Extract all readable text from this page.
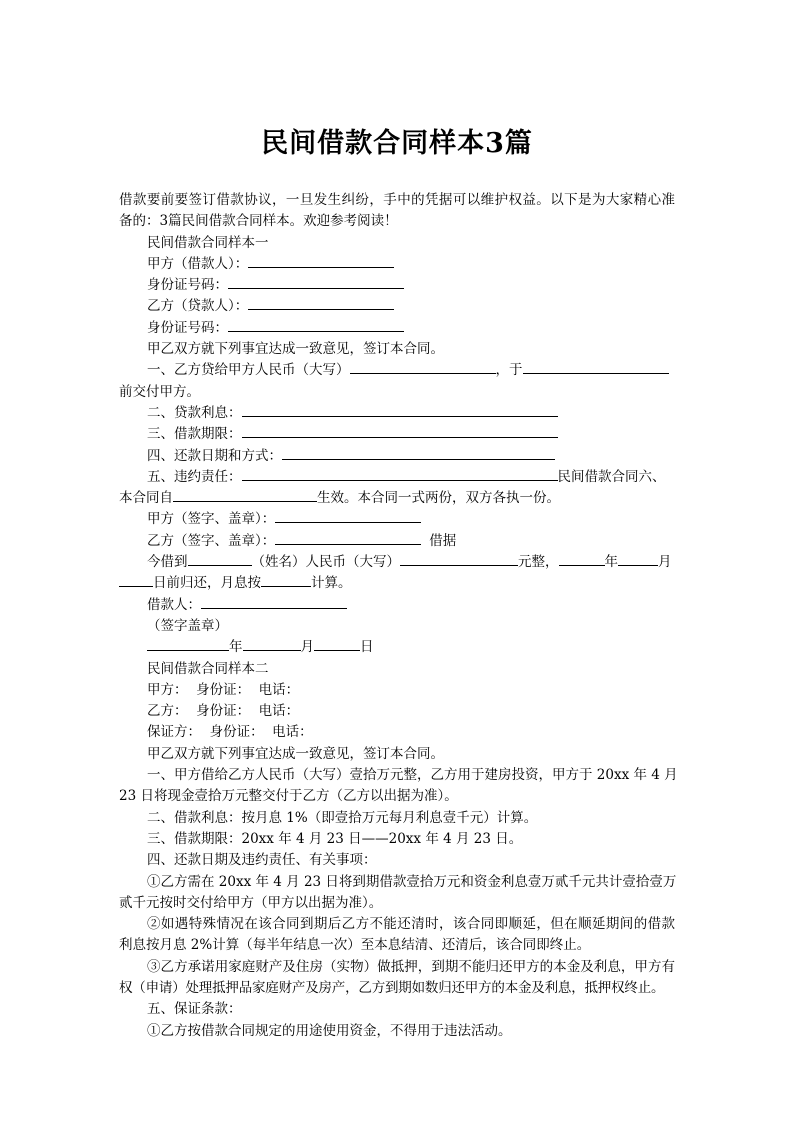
民间借款合同样本3篇
借款要前要签订借款协议，一旦发生纠纷，手中的凭据可以维护权益。以下是为大家精心准
备的：3篇民间借款合同样本。欢迎参考阅读！
民间借款合同样本一
甲方（借款人）：
身份证号码：
乙方（贷款人）：
身份证号码：
甲乙双方就下列事宜达成一致意见，签订本合同。
一、乙方贷给甲方人民币（大写）	，于
前交付甲方。
二、贷款利息：
三、借款期限：
四、还款日期和方式：
五、违约责任：	民间借款合同六、
本合同自	生效。本合同一式两份，双方各执一份。
甲方（签字、盖章）：
乙方（签字、盖章）：	借据
今借到	（姓名）人民币（大写）	元整，	年	月
日前归还，月息按	计算。
借款人：
（签字盖章）
年	月	日
民间借款合同样本二
甲方：  身份证：  电话：
乙方：  身份证：  电话：
保证方：  身份证：  电话：
甲乙双方就下列事宜达成一致意见，签订本合同。
一、甲方借给乙方人民币（大写）壹拾万元整，乙方用于建房投资，甲方于 20xx 年 4 月
23 日将现金壹拾万元整交付于乙方（乙方以出据为准）。
二、借款利息：按月息 1%（即壹拾万元每月利息壹千元）计算。
三、借款期限：20xx 年 4 月 23 日——20xx 年 4 月 23 日。
四、还款日期及违约责任、有关事项：
①乙方需在 20xx 年 4 月 23 日将到期借款壹拾万元和资金利息壹万贰千元共计壹拾壹万
贰千元按时交付给甲方（甲方以出据为准）。
②如遇特殊情况在该合同到期后乙方不能还清时，该合同即顺延，但在顺延期间的借款
利息按月息 2%计算（每半年结息一次）至本息结清、还清后，该合同即终止。
③乙方承诺用家庭财产及住房（实物）做抵押，到期不能归还甲方的本金及利息，甲方有
权（申请）处理抵押品家庭财产及房产，乙方到期如数归还甲方的本金及利息，抵押权终止。
五、保证条款：
①乙方按借款合同规定的用途使用资金，不得用于违法活动。
